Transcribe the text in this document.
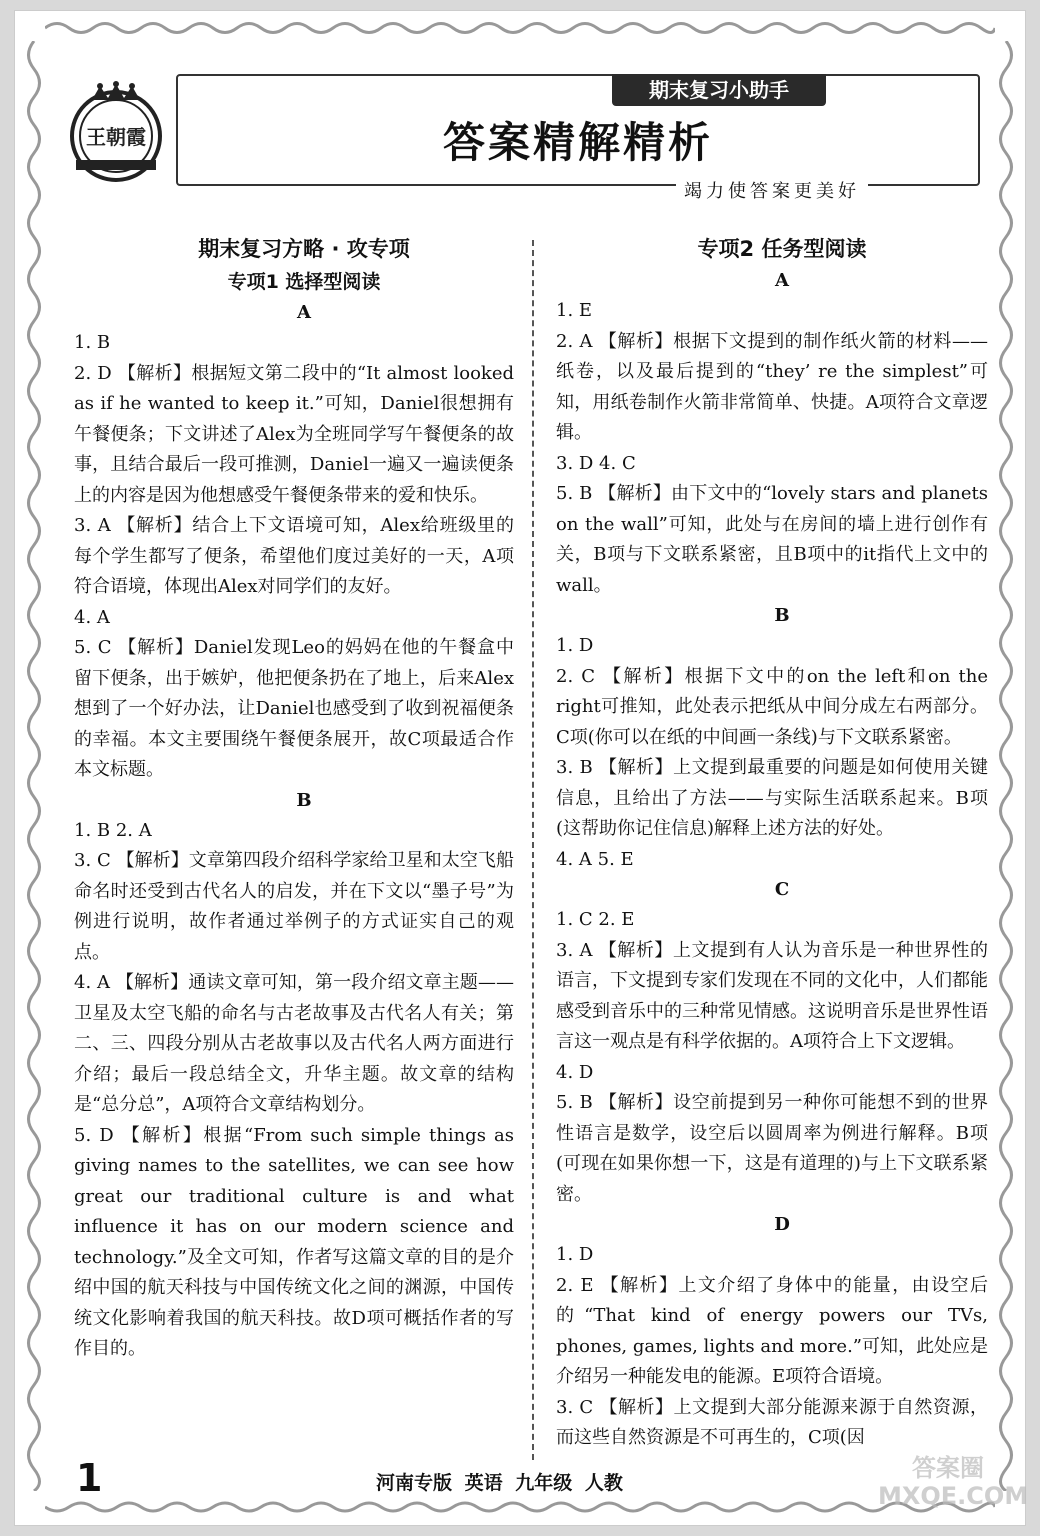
王朝霞
期末复习小助手
答案精解精析
竭力使答案更美好
期末复习方略 · 攻专项
专项1 选择型阅读
A
1. B
2. D 【解析】根据短文第二段中的“It almost looked as if he wanted to keep it.”可知，Daniel很想拥有午餐便条；下文讲述了Alex为全班同学写午餐便条的故事，且结合最后一段可推测，Daniel一遍又一遍读便条上的内容是因为他想感受午餐便条带来的爱和快乐。
3. A 【解析】结合上下文语境可知，Alex给班级里的每个学生都写了便条，希望他们度过美好的一天，A项符合语境，体现出Alex对同学们的友好。
4. A
5. C 【解析】Daniel发现Leo的妈妈在他的午餐盒中留下便条，出于嫉妒，他把便条扔在了地上，后来Alex想到了一个好办法，让Daniel也感受到了收到祝福便条的幸福。本文主要围绕午餐便条展开，故C项最适合作本文标题。
B
1. B 2. A
3. C 【解析】文章第四段介绍科学家给卫星和太空飞船命名时还受到古代名人的启发，并在下文以“墨子号”为例进行说明，故作者通过举例子的方式证实自己的观点。
4. A 【解析】通读文章可知，第一段介绍文章主题——卫星及太空飞船的命名与古老故事及古代名人有关；第二、三、四段分别从古老故事以及古代名人两方面进行介绍；最后一段总结全文，升华主题。故文章的结构是“总分总”，A项符合文章结构划分。
5. D 【解析】根据“From such simple things as giving names to the satellites, we can see how great our traditional culture is and what influence it has on our modern science and technology.”及全文可知，作者写这篇文章的目的是介绍中国的航天科技与中国传统文化之间的渊源，中国传统文化影响着我国的航天科技。故D项可概括作者的写作目的。
专项2 任务型阅读
A
1. E
2. A 【解析】根据下文提到的制作纸火箭的材料——纸卷，以及最后提到的“they’ re the simplest”可知，用纸卷制作火箭非常简单、快捷。A项符合文章逻辑。
3. D 4. C
5. B 【解析】由下文中的“lovely stars and planets on the wall”可知，此处与在房间的墙上进行创作有关，B项与下文联系紧密，且B项中的it指代上文中的wall。
B
1. D
2. C 【解析】根据下文中的on the left和on the right可推知，此处表示把纸从中间分成左右两部分。C项(你可以在纸的中间画一条线)与下文联系紧密。
3. B 【解析】上文提到最重要的问题是如何使用关键信息，且给出了方法——与实际生活联系起来。B项(这帮助你记住信息)解释上述方法的好处。
4. A 5. E
C
1. C 2. E
3. A 【解析】上文提到有人认为音乐是一种世界性的语言，下文提到专家们发现在不同的文化中，人们都能感受到音乐中的三种常见情感。这说明音乐是世界性语言这一观点是有科学依据的。A项符合上下文逻辑。
4. D
5. B 【解析】设空前提到另一种你可能想不到的世界性语言是数学，设空后以圆周率为例进行解释。B项(可现在如果你想一下，这是有道理的)与上下文联系紧密。
D
1. D
2. E 【解析】上文介绍了身体中的能量，由设空后的“That kind of energy powers our TVs, phones, games, lights and more.”可知，此处应是介绍另一种能发电的能源。E项符合语境。
3. C 【解析】上文提到大部分能源来源于自然资源，而这些自然资源是不可再生的，C项(因
1	河南专版 英语 九年级 人教
答案圈 MXQE.COM
